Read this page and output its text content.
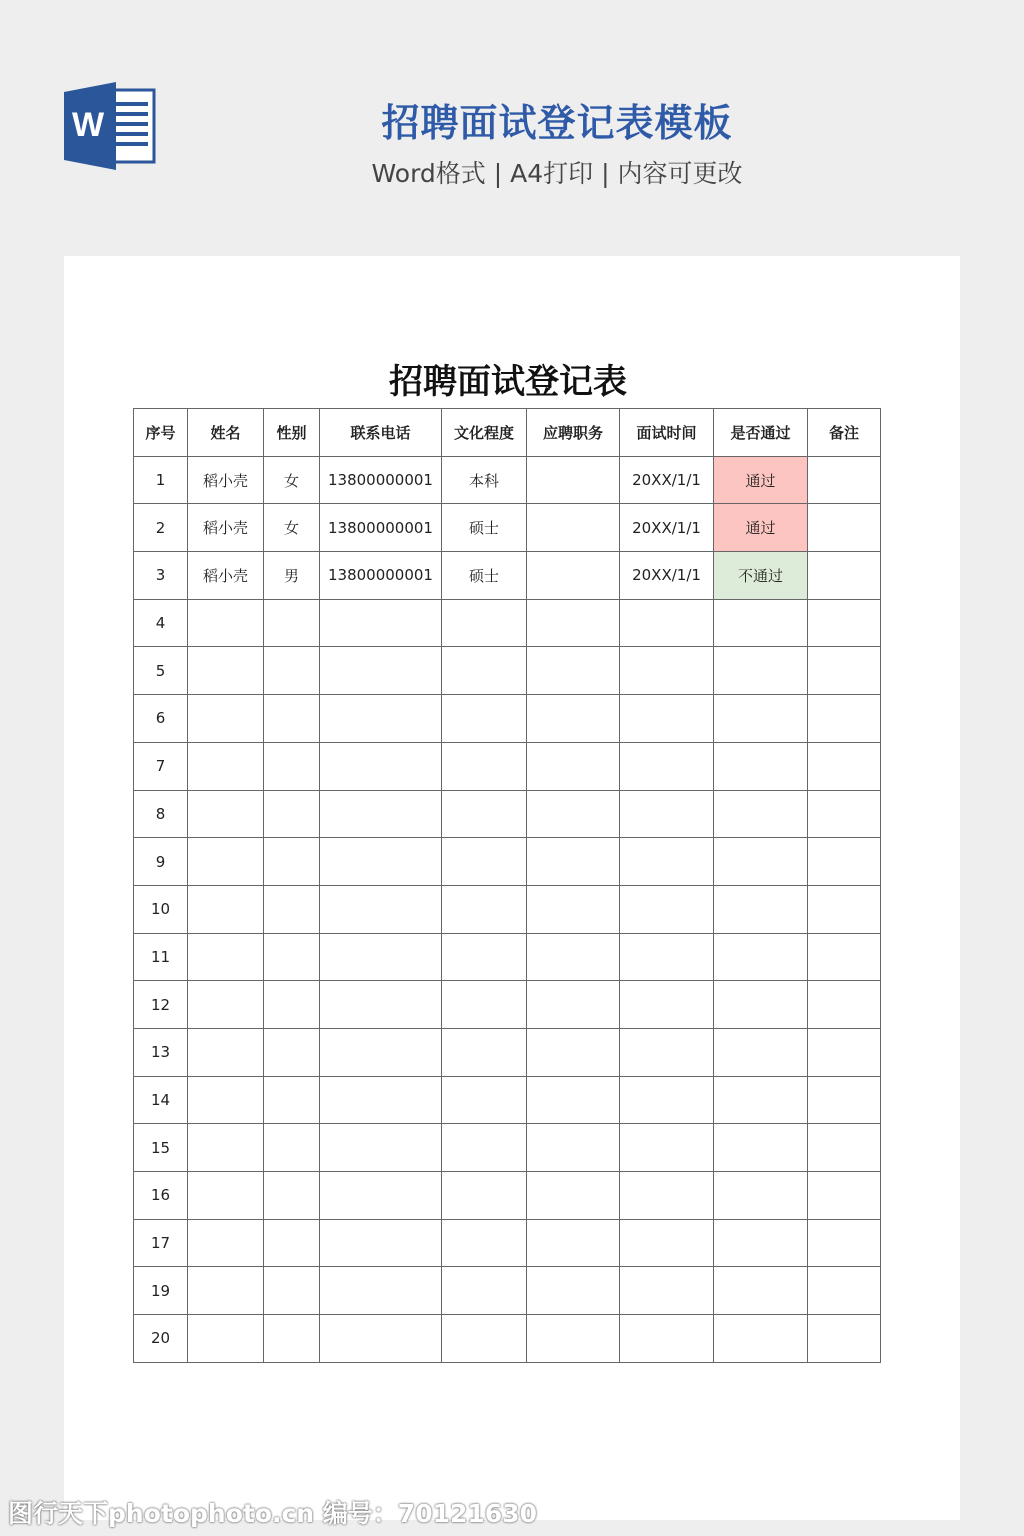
W	招聘面试登记表模板
Word格式 | A4打印 | 内容可更改
招聘面试登记表
序号	姓名	性别	联系电话	文化程度	应聘职务	面试时间	是否通过	备注
1	稻小壳	女	13800000001	本科		20XX/1/1	通过	
2	稻小壳	女	13800000001	硕士		20XX/1/1	通过	
3	稻小壳	男	13800000001	硕士		20XX/1/1	不通过	
4								
5								
6								
7								
8								
9								
10								
11								
12								
13								
14								
15								
16								
17								
19								
20								
图行天下photophoto.cn 编号：70121630
